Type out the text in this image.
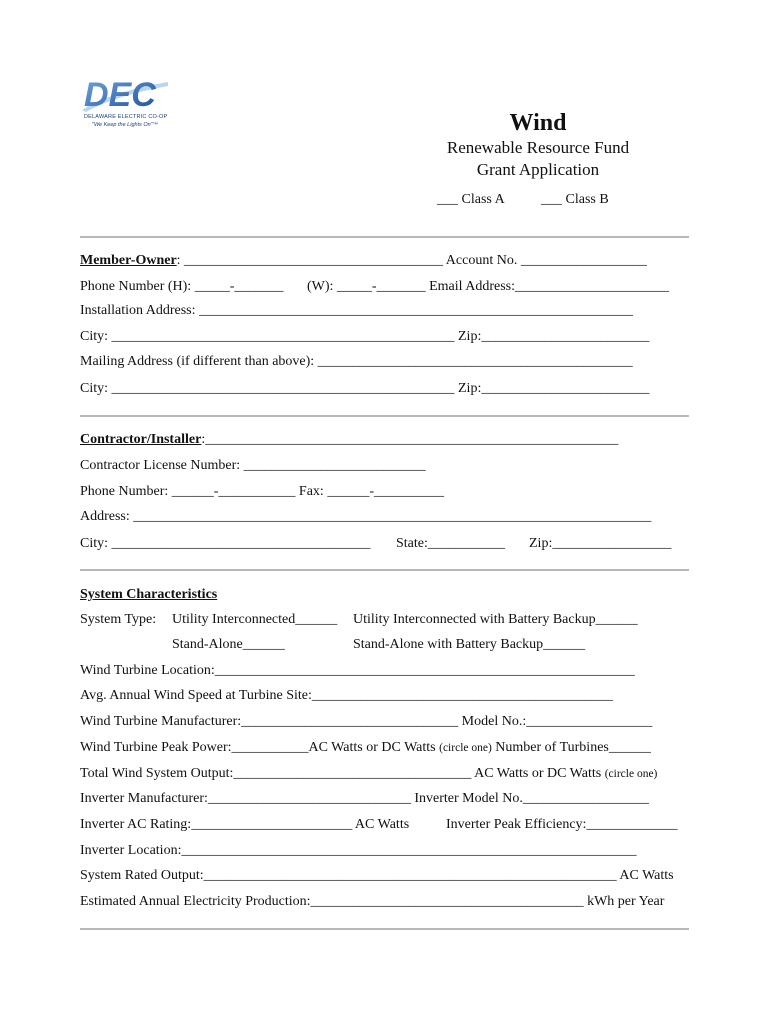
DEC
DELAWARE ELECTRIC CO-OP
"We Keep the Lights On"™	Wind
Renewable Resource Fund
Grant Application
___ Class A	___ Class B
Member-Owner: _____________________________________ Account No. __________________
Phone Number (H): _____-_______ (W): _____-_______ Email Address:______________________
Installation Address: ______________________________________________________________
City: _________________________________________________ Zip:________________________
Mailing Address (if different than above): _____________________________________________
City: _________________________________________________ Zip:________________________
Contractor/Installer:___________________________________________________________
Contractor License Number: __________________________
Phone Number: ______-___________ Fax: ______-__________
Address: __________________________________________________________________________
City: _____________________________________ State:___________ Zip:_________________
System Characteristics
System Type: Utility Interconnected______ Utility Interconnected with Battery Backup______
Stand-Alone______	Stand-Alone with Battery Backup______
Wind Turbine Location:____________________________________________________________
Avg. Annual Wind Speed at Turbine Site:___________________________________________
Wind Turbine Manufacturer:_______________________________ Model No.:__________________
Wind Turbine Peak Power:___________AC Watts or DC Watts (circle one) Number of Turbines______
Total Wind System Output:__________________________________ AC Watts or DC Watts (circle one)
Inverter Manufacturer:_____________________________ Inverter Model No.__________________
Inverter AC Rating:_______________________ AC Watts	Inverter Peak Efficiency:_____________
Inverter Location:_________________________________________________________________
System Rated Output:___________________________________________________________ AC Watts
Estimated Annual Electricity Production:_______________________________________ kWh per Year
